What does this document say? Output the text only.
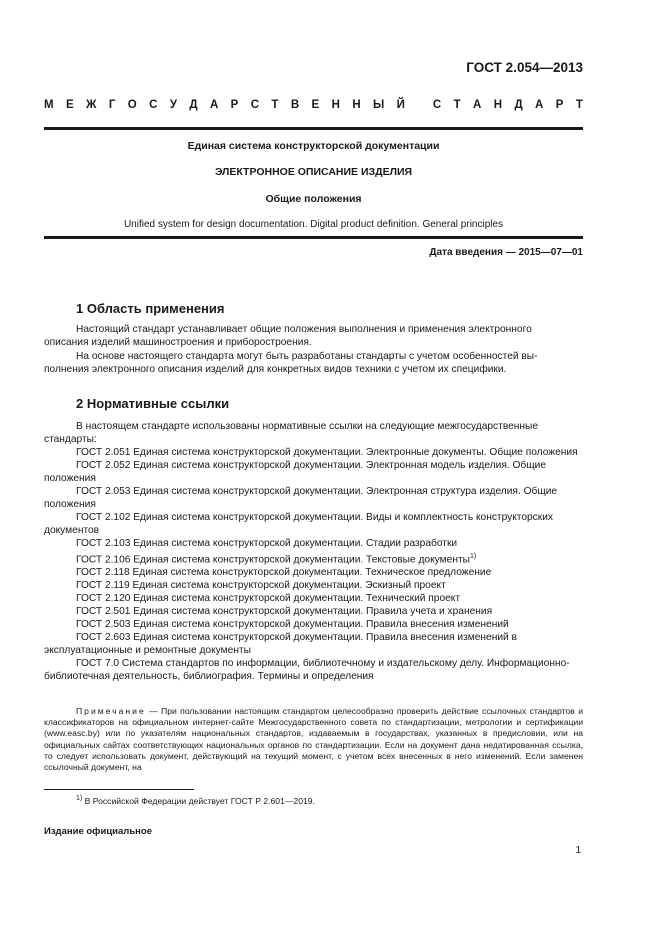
ГОСТ 2.054—2013
М Е Ж Г О С У Д А Р С Т В Е Н Н Ы Й
С Т А Н Д А Р Т
Единая система конструкторской документации
ЭЛЕКТРОННОЕ ОПИСАНИЕ ИЗДЕЛИЯ
Общие положения
Unified system for design documentation. Digital product definition. General principles
Дата введения — 2015—07—01
1 Область применения
Настоящий стандарт устанавливает общие положения выполнения и применения электронного
описания изделий машиностроения и приборостроения.
На основе настоящего стандарта могут быть разработаны стандарты с учетом особенностей вы-
полнения электронного описания изделий для конкретных видов техники с учетом их специфики.
2 Нормативные ссылки
В настоящем стандарте использованы нормативные ссылки на следующие межгосударственные
стандарты:
ГОСТ 2.051 Единая система конструкторской документации. Электронные документы. Общие положения
ГОСТ 2.052 Единая система конструкторской документации. Электронная модель изделия. Общие положения
ГОСТ 2.053 Единая система конструкторской документации. Электронная структура изделия. Общие положения
ГОСТ 2.102 Единая система конструкторской документации. Виды и комплектность конструкторских документов
ГОСТ 2.103 Единая система конструкторской документации. Стадии разработки
ГОСТ 2.106 Единая система конструкторской документации. Текстовые документы$^{1)}$
ГОСТ 2.118 Единая система конструкторской документации. Техническое предложение
ГОСТ 2.119 Единая система конструкторской документации. Эскизный проект
ГОСТ 2.120 Единая система конструкторской документации. Технический проект
ГОСТ 2.501 Единая система конструкторской документации. Правила учета и хранения
ГОСТ 2.503 Единая система конструкторской документации. Правила внесения изменений
ГОСТ 2.603 Единая система конструкторской документации. Правила внесения изменений в эксплуатационные и ремонтные документы
ГОСТ 7.0 Система стандартов по информации, библиотечному и издательскому делу. Информационно-библиотечная деятельность, библиография. Термины и определения
Примечание — При пользовании настоящим стандартом целесообразно проверить действие ссылочных стандартов и классификаторов на официальном интернет-сайте Межгосударственного совета по стандартизации, метрологии и сертификации (www.easc.by) или по указателям национальных стандартов, издаваемым в государствах, указанных в предисловии, или на официальных сайтах соответствующих национальных органов по стандартизации. Если на документ дана недатированная ссылка, то следует использовать документ, действующий на текущий момент, с учетом всех внесенных в него изменений. Если заменен ссылочный документ, на
$^{1)}$ В Российской Федерации действует ГОСТ Р 2.601—2019.
Издание официальное
1
